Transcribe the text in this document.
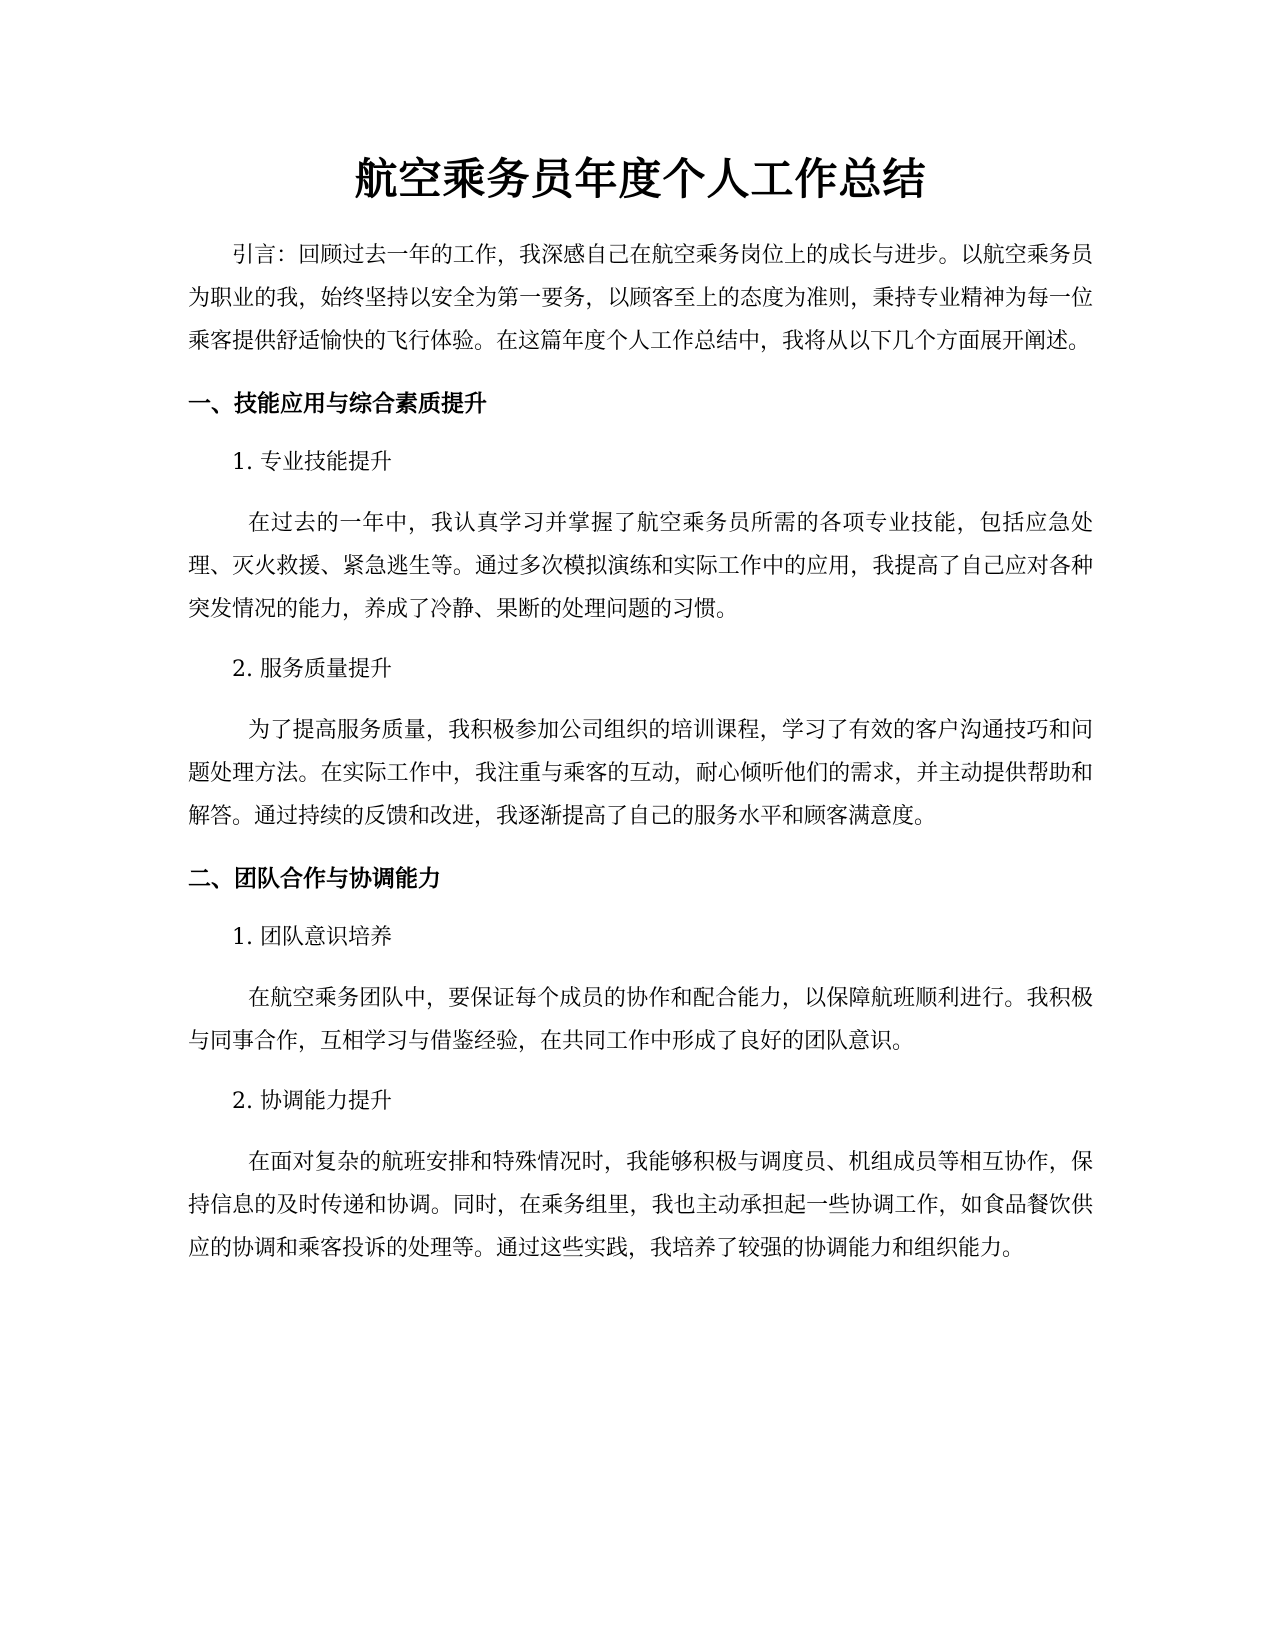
航空乘务员年度个人工作总结

引言：回顾过去一年的工作，我深感自己在航空乘务岗位上的成长与进步。以航空乘务员为职业的我，始终坚持以安全为第一要务，以顾客至上的态度为准则，秉持专业精神为每一位乘客提供舒适愉快的飞行体验。在这篇年度个人工作总结中，我将从以下几个方面展开阐述。

一、技能应用与综合素质提升
1. 专业技能提升

在过去的一年中，我认真学习并掌握了航空乘务员所需的各项专业技能，包括应急处理、灭火救援、紧急逃生等。通过多次模拟演练和实际工作中的应用，我提高了自己应对各种突发情况的能力，养成了冷静、果断的处理问题的习惯。

2. 服务质量提升

为了提高服务质量，我积极参加公司组织的培训课程，学习了有效的客户沟通技巧和问题处理方法。在实际工作中，我注重与乘客的互动，耐心倾听他们的需求，并主动提供帮助和解答。通过持续的反馈和改进，我逐渐提高了自己的服务水平和顾客满意度。

二、团队合作与协调能力
1. 团队意识培养

在航空乘务团队中，要保证每个成员的协作和配合能力，以保障航班顺利进行。我积极与同事合作，互相学习与借鉴经验，在共同工作中形成了良好的团队意识。

2. 协调能力提升

在面对复杂的航班安排和特殊情况时，我能够积极与调度员、机组成员等相互协作，保持信息的及时传递和协调。同时，在乘务组里，我也主动承担起一些协调工作，如食品餐饮供应的协调和乘客投诉的处理等。通过这些实践，我培养了较强的协调能力和组织能力。
